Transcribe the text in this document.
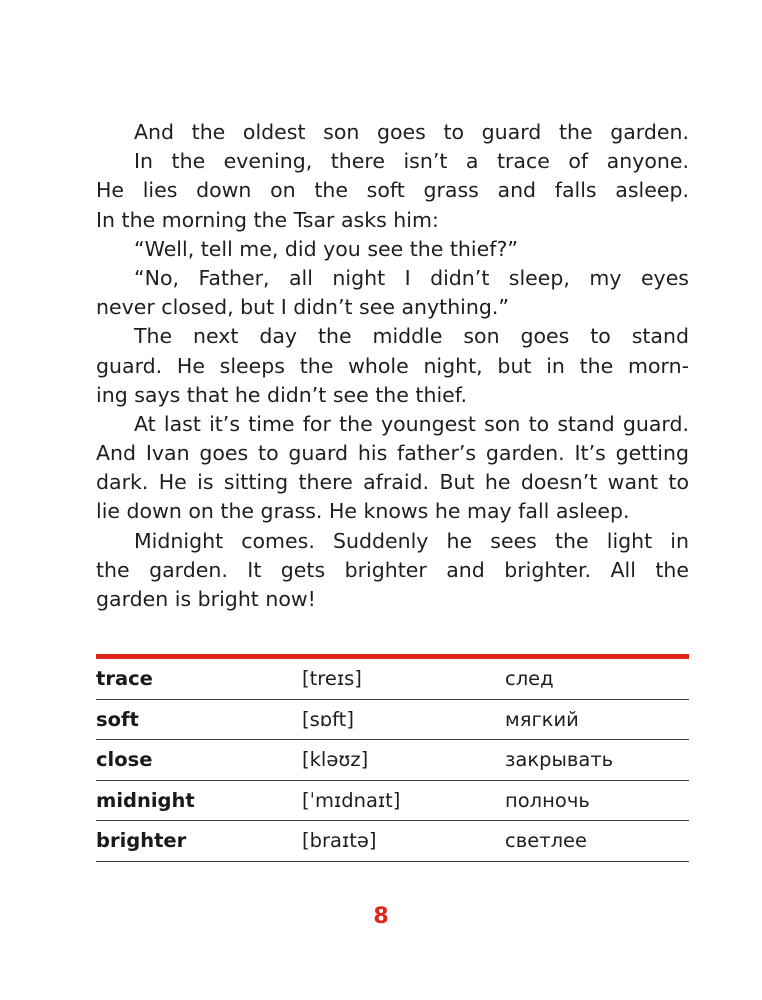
And the oldest son goes to guard the garden.
In the evening, there isn’t a trace of anyone.
He lies down on the soft grass and falls asleep.
In the morning the Tsar asks him:
“Well, tell me, did you see the thief?”
“No, Father, all night I didn’t sleep, my eyes
never closed, but I didn’t see anything.”
The next day the middle son goes to stand
guard. He sleeps the whole night, but in the morn-
ing says that he didn’t see the thief.
At last it’s time for the youngest son to stand guard.
And Ivan goes to guard his father’s garden. It’s getting
dark. He is sitting there afraid. But he doesn’t want to
lie down on the grass. He knows he may fall asleep.
Midnight comes. Suddenly he sees the light in
the garden. It gets brighter and brighter. All the
garden is bright now!
trace	[treɪs]	след
soft	[sɒft]	мягкий
close	[kləʊz]	закрывать
midnight	[ˈmɪdnaɪt]	полночь
brighter	[braɪtə]	светлее
8
